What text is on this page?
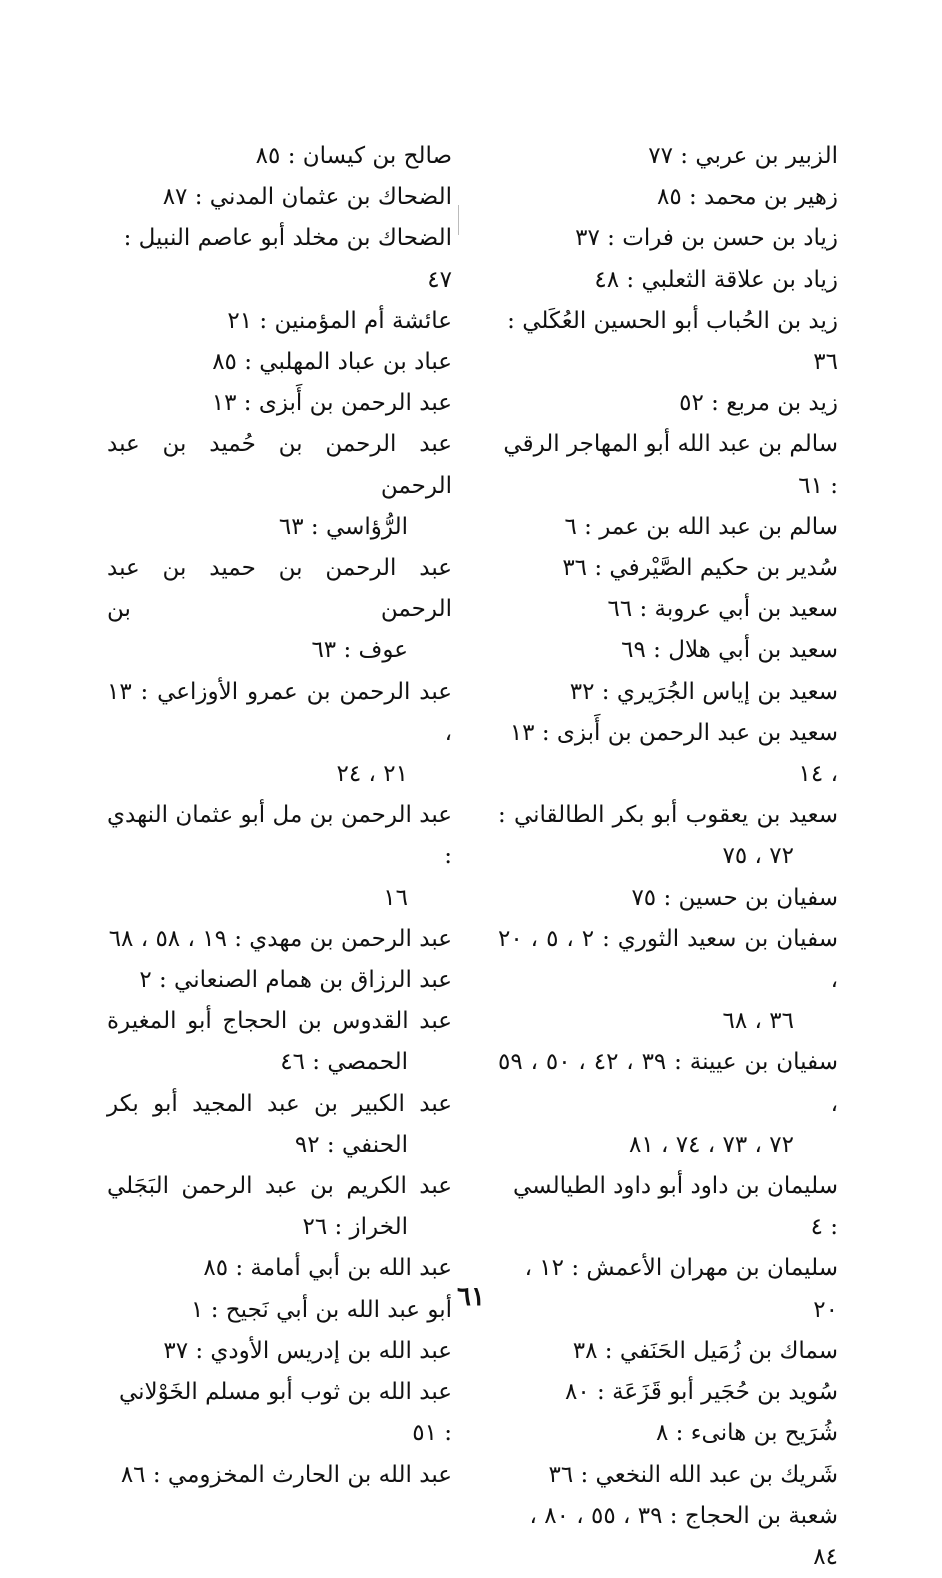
الزبير بن عربي : ٧٧
زهير بن محمد : ٨٥
زياد بن حسن بن فرات : ٣٧
زياد بن علاقة الثعلبي : ٤٨
زيد بن الحُباب أبو الحسين العُكَلي : ٣٦
زيد بن مربع : ٥٢
سالم بن عبد الله أبو المهاجر الرقي : ٦١
سالم بن عبد الله بن عمر : ٦
سُدير بن حكيم الصَّيْرفي : ٣٦
سعيد بن أبي عروبة : ٦٦
سعيد بن أبي هلال : ٦٩
سعيد بن إياس الجُرَيري : ٣٢
سعيد بن عبد الرحمن بن أَبزى : ١٣ ، ١٤
سعيد بن يعقوب أبو بكر الطالقاني :
٧٢ ، ٧٥
سفيان بن حسين : ٧٥
سفيان بن سعيد الثوري : ٢ ، ٥ ، ٢٠ ،
٣٦ ، ٦٨
سفيان بن عيينة : ٣٩ ، ٤٢ ، ٥٠ ، ٥٩ ،
٧٢ ، ٧٣ ، ٧٤ ، ٨١
سليمان بن داود أبو داود الطيالسي : ٤
سليمان بن مهران الأعمش : ١٢ ، ٢٠
سماك بن زُمَيل الحَنَفي : ٣٨
سُويد بن حُجَير أبو قَزَعَة : ٨٠
شُرَيح بن هانىء : ٨
شَريك بن عبد الله النخعي : ٣٦
شعبة بن الحجاج : ٣٩ ، ٥٥ ، ٨٠ ، ٨٤
صالح بن كيسان : ٨٥
الضحاك بن عثمان المدني : ٨٧
الضحاك بن مخلد أبو عاصم النبيل : ٤٧
عائشة أم المؤمنين : ٢١
عباد بن عباد المهلبي : ٨٥
عبد الرحمن بن أَبزى : ١٣
عبد الرحمن بن حُميد بن عبد الرحمن
الرُّؤاسي : ٦٣
عبد الرحمن بن حميد بن عبد الرحمن بن
عوف : ٦٣
عبد الرحمن بن عمرو الأوزاعي : ١٣ ،
٢١ ، ٢٤
عبد الرحمن بن مل أبو عثمان النهدي :
١٦
عبد الرحمن بن مهدي : ١٩ ، ٥٨ ، ٦٨
عبد الرزاق بن همام الصنعاني : ٢
عبد القدوس بن الحجاج أبو المغيرة
الحمصي : ٤٦
عبد الكبير بن عبد المجيد أبو بكر
الحنفي : ٩٢
عبد الكريم بن عبد الرحمن البَجَلي
الخراز : ٢٦
عبد الله بن أبي أمامة : ٨٥
أبو عبد الله بن أبي نَجيح : ١
عبد الله بن إدريس الأودي : ٣٧
عبد الله بن ثوب أبو مسلم الخَوْلاني : ٥١
عبد الله بن الحارث المخزومي : ٨٦
٦١
